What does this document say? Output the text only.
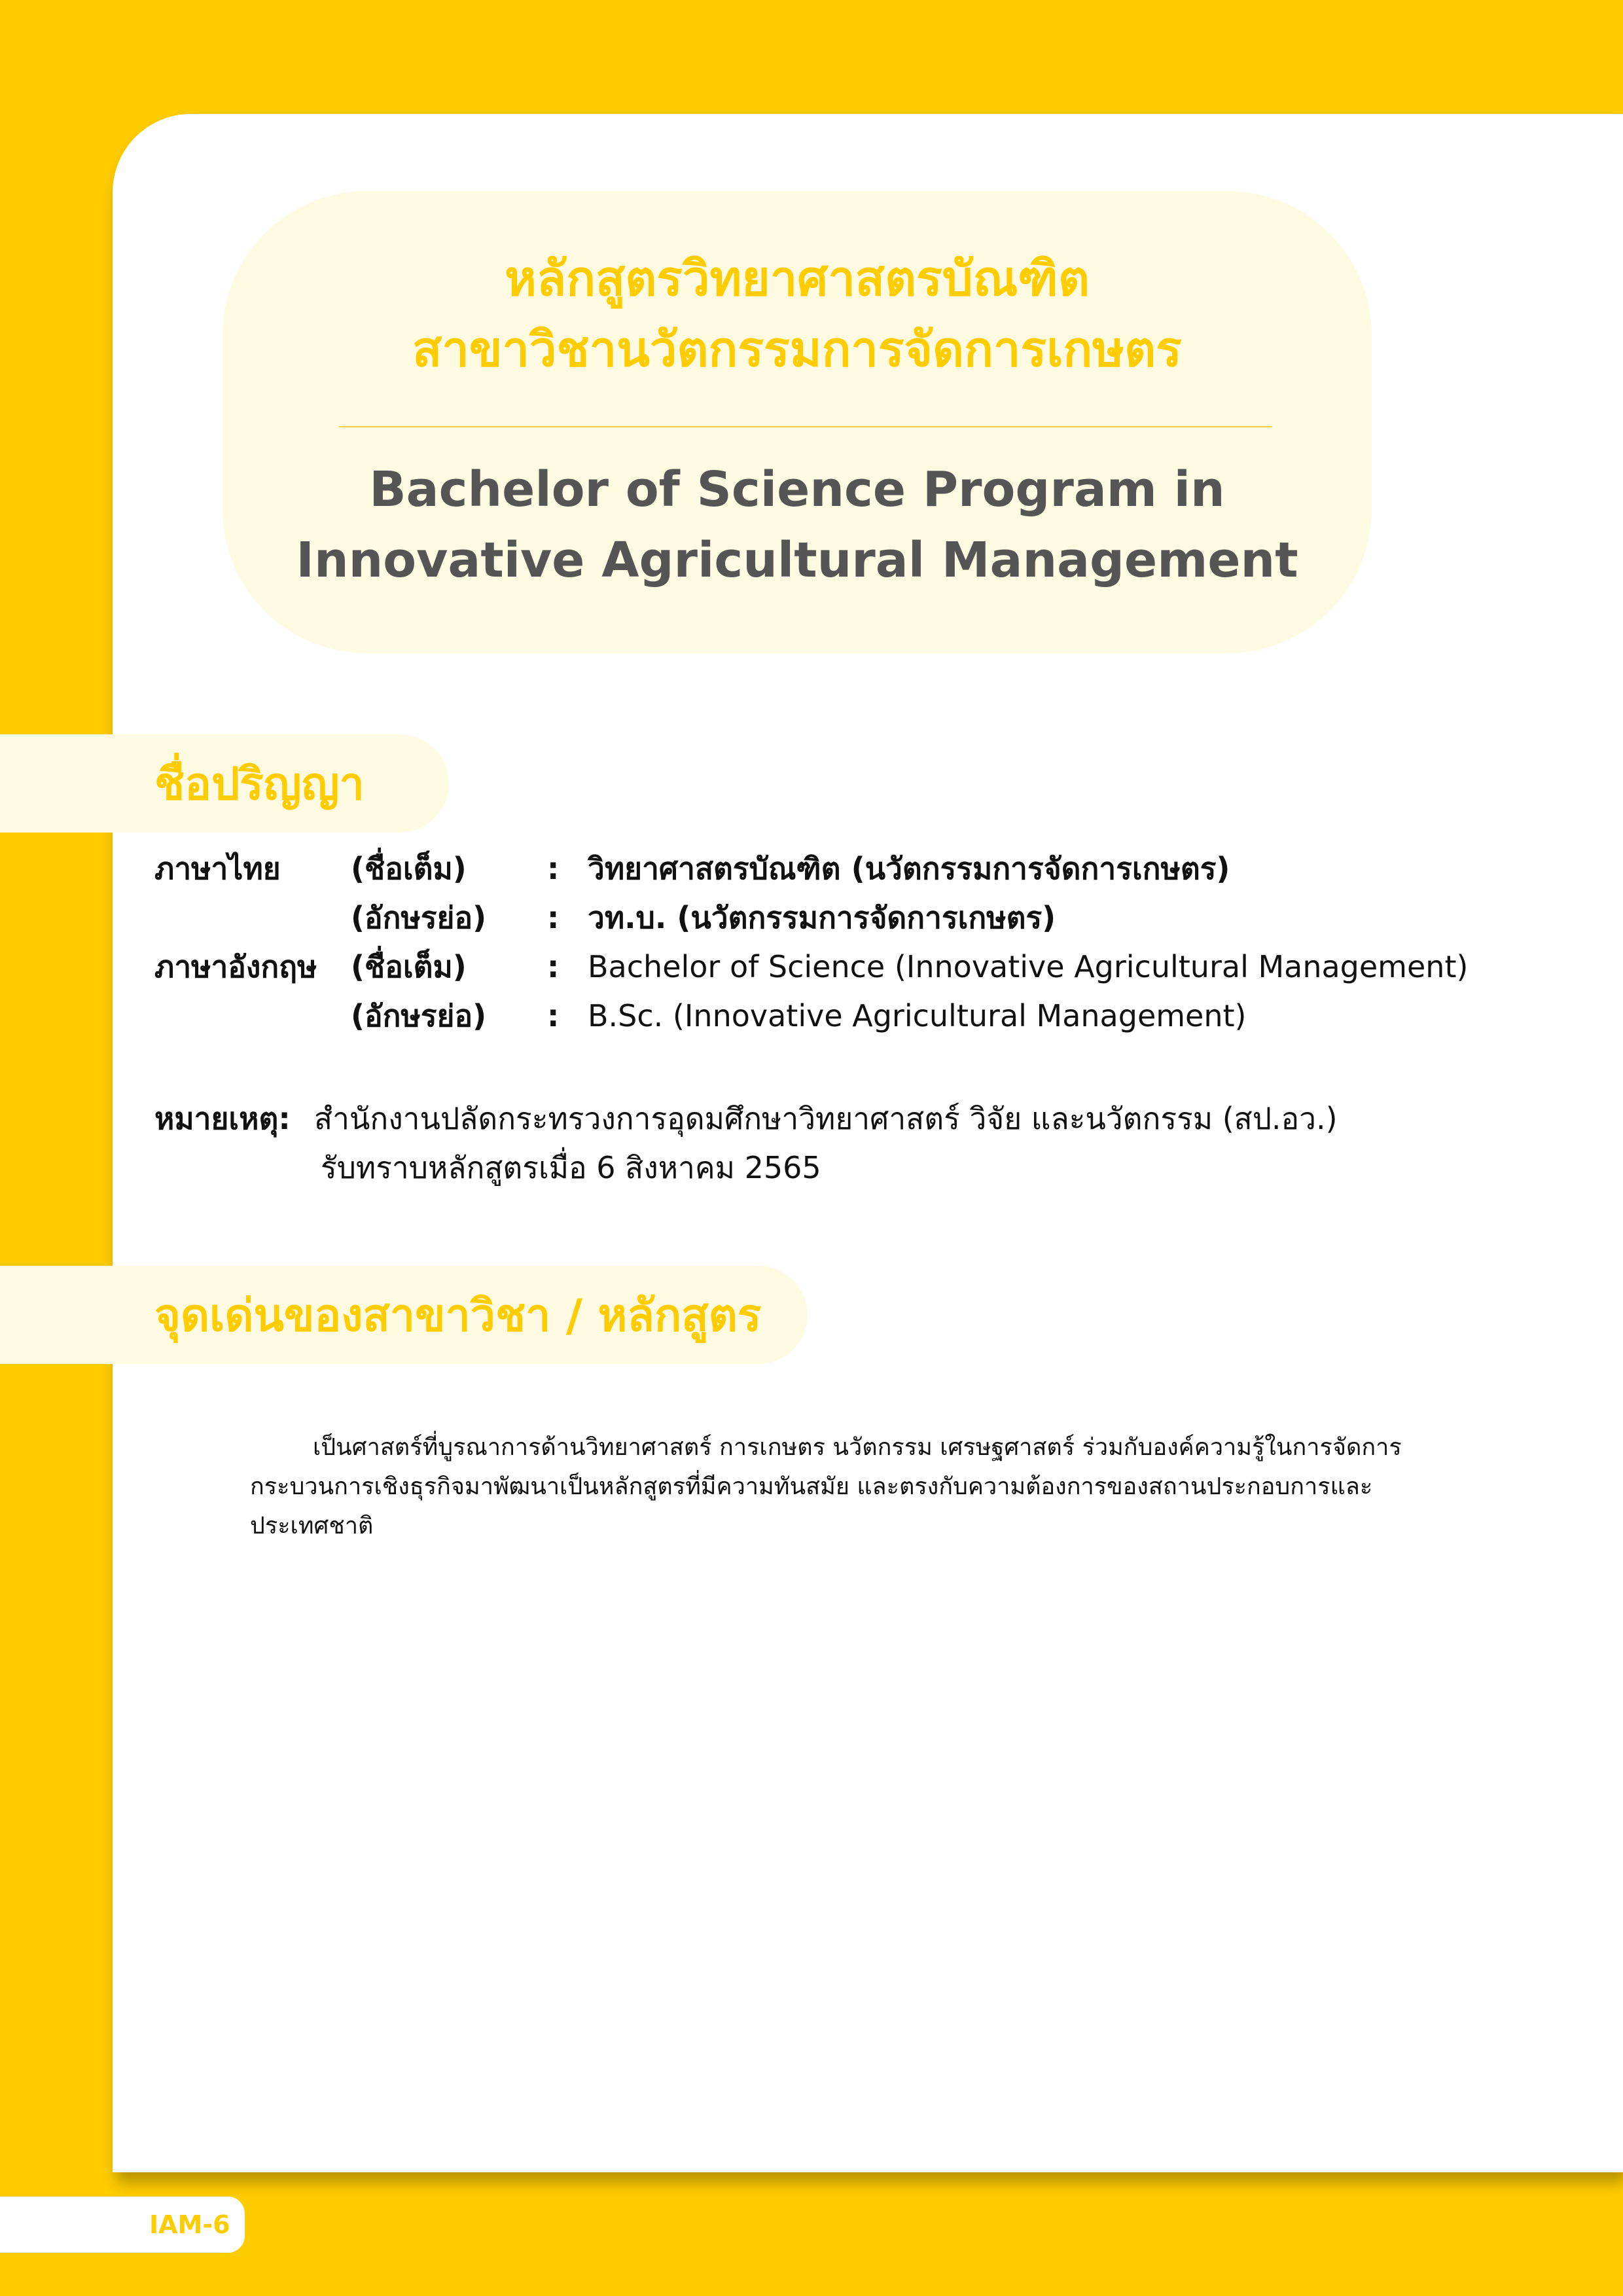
หลักสูตรวิทยาศาสตรบัณฑิต
สาขาวิชานวัตกรรมการจัดการเกษตร
Bachelor of Science Program in
Innovative Agricultural Management
ชื่อปริญญา
ภาษาไทย (ชื่อเต็ม)	: วิทยาศาสตรบัณฑิต (นวัตกรรมการจัดการเกษตร)
(อักษรย่อ) : วท.บ. (นวัตกรรมการจัดการเกษตร)
ภาษาอังกฤษ (ชื่อเต็ม)	: Bachelor of Science (Innovative Agricultural Management)
(อักษรย่อ) : B.Sc. (Innovative Agricultural Management)
หมายเหตุ: สำนักงานปลัดกระทรวงการอุดมศึกษาวิทยาศาสตร์ วิจัย และนวัตกรรม (สป.อว.)
รับทราบหลักสูตรเมื่อ 6 สิงหาคม 2565
จุดเด่นของสาขาวิชา / หลักสูตร
เป็นศาสตร์ที่บูรณาการด้านวิทยาศาสตร์ การเกษตร นวัตกรรม เศรษฐศาสตร์ ร่วมกับองค์ความรู้ในการจัดการ
กระบวนการเชิงธุรกิจมาพัฒนาเป็นหลักสูตรที่มีความทันสมัย และตรงกับความต้องการของสถานประกอบการและ
ประเทศชาติ
IAM-6
